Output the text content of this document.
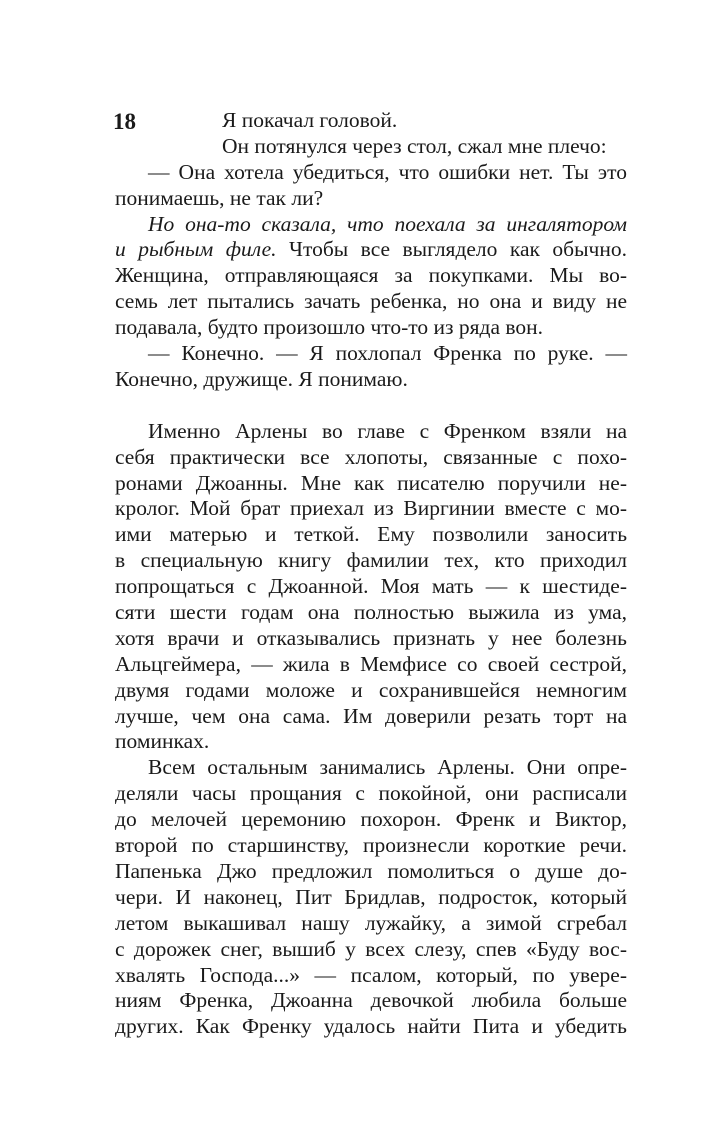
18	Я покачал головой.
Он потянулся через стол, сжал мне плечо:
— Она хотела убедиться, что ошибки нет. Ты это
понимаешь, не так ли?
Но она-то сказала, что поехала за ингалятором
и рыбным филе. Чтобы все выглядело как обычно.
Женщина, отправляющаяся за покупками. Мы во-
семь лет пытались зачать ребенка, но она и виду не
подавала, будто произошло что-то из ряда вон.
— Конечно. — Я похлопал Френка по руке. —
Конечно, дружище. Я понимаю.
Именно Арлены во главе с Френком взяли на
себя практически все хлопоты, связанные с похо-
ронами Джоанны. Мне как писателю поручили не-
кролог. Мой брат приехал из Виргинии вместе с мо-
ими матерью и теткой. Ему позволили заносить
в специальную книгу фамилии тех, кто приходил
попрощаться с Джоанной. Моя мать — к шестиде-
сяти шести годам она полностью выжила из ума,
хотя врачи и отказывались признать у нее болезнь
Альцгеймера, — жила в Мемфисе со своей сестрой,
двумя годами моложе и сохранившейся немногим
лучше, чем она сама. Им доверили резать торт на
поминках.
Всем остальным занимались Арлены. Они опре-
деляли часы прощания с покойной, они расписали
до мелочей церемонию похорон. Френк и Виктор,
второй по старшинству, произнесли короткие речи.
Папенька Джо предложил помолиться о душе до-
чери. И наконец, Пит Бридлав, подросток, который
летом выкашивал нашу лужайку, а зимой сгребал
с дорожек снег, вышиб у всех слезу, спев «Буду вос-
хвалять Господа...» — псалом, который, по увере-
ниям Френка, Джоанна девочкой любила больше
других. Как Френку удалось найти Пита и убедить
